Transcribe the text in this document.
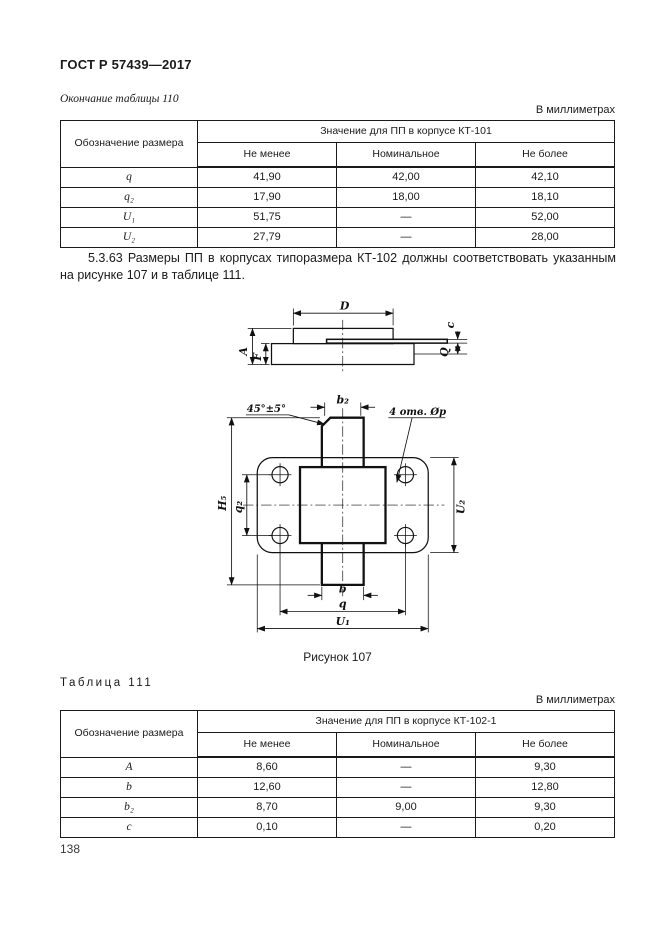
ГОСТ Р 57439—2017
Окончание таблицы 110
В миллиметрах
Обозначение размера	Значение для ПП в корпусе КТ-101		
	Не менее	Номинальное	Не более
q	41,90	42,00	42,10
q₂	17,90	18,00	18,10
U₁	51,75	—	52,00
U₂	27,79	—	28,00
5.3.63 Размеры ПП в корпусах типоразмера КТ-102 должны соответствовать указанным на рисунке 107 и в таблице 111.
D
A
F
c
Q
b₂
45°±5°	4 отв. Øp
Н₅ q₂	U₂
b
q
U₁
Рисунок 107
Таблица 111
В миллиметрах
Обозначение размера	Значение для ПП в корпусе КТ-102-1		
	Не менее	Номинальное	Не более
A	8,60	—	9,30
b	12,60	—	12,80
b₂	8,70	9,00	9,30
c	0,10	—	0,20
138
